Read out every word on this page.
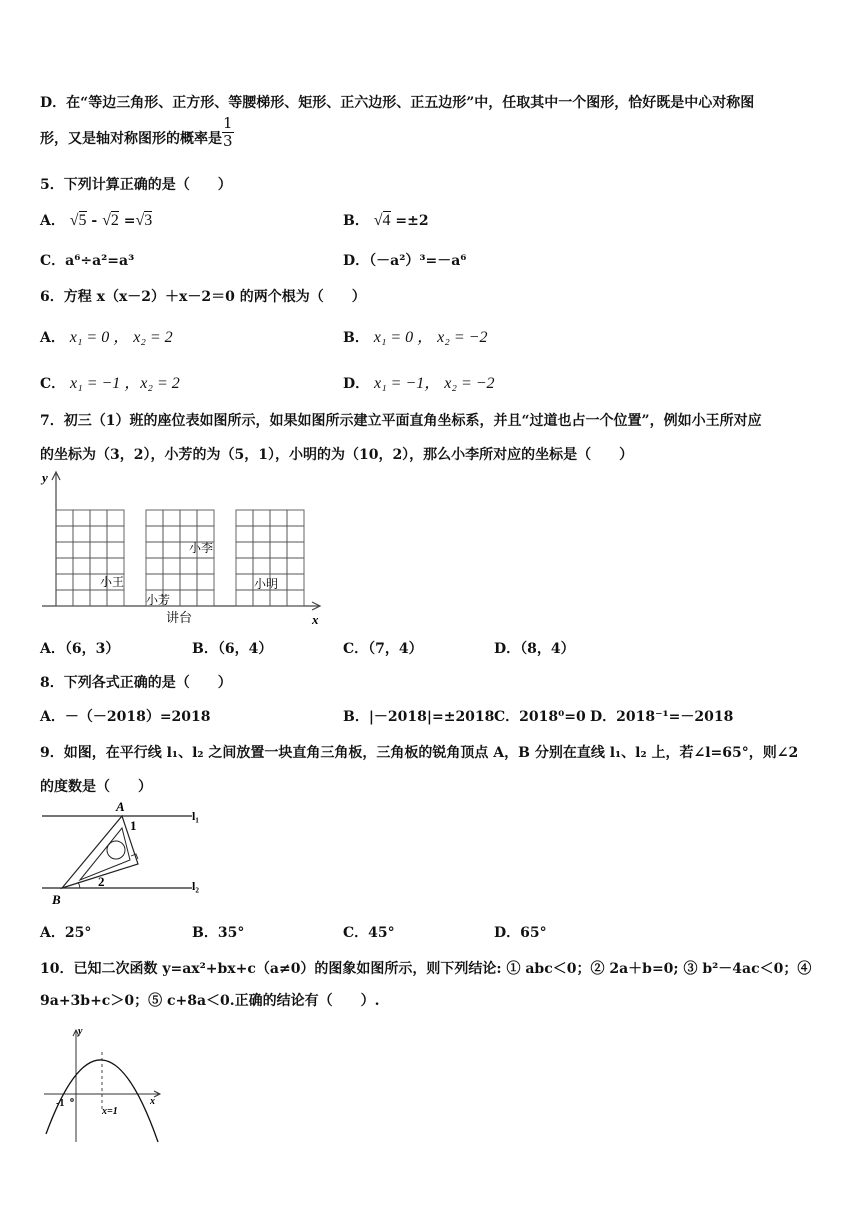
D．在“等边三角形、正方形、等腰梯形、矩形、正六边形、正五边形”中，任取其中一个图形，恰好既是中心对称图
形，又是轴对称图形的概率是 $\frac{1}{3}$
5．下列计算正确的是（　　）
A． √5 - √2 =√3	B． √4 =±2
C．a⁶÷a²=a³	D．（－a²）³=－a⁶
6．方程 x（x－2）＋x－2＝0 的两个根为（　　）
A． x₁ = 0 ， x₂ = 2	B． x₁ = 0 ， x₂ = −2
C． x₁ = −1 ，x₂ = 2	D． x₁ = −1， x₂ = −2
7．初三（1）班的座位表如图所示，如果如图所示建立平面直角坐标系，并且“过道也占一个位置”，例如小王所对应
的坐标为（3，2），小芳的为（5，1），小明的为（10，2），那么小李所对应的坐标是（　　）
y
x
小王
小芳
小李
小明
讲台
A．（6，3）	B．（6，4）	C．（7，4）	D．（8，4）
8．下列各式正确的是（　　）
A．－（－2018）=2018	B．|－2018|=±2018 C．2018⁰=0 D．2018⁻¹=－2018
9．如图，在平行线 l₁、l₂ 之间放置一块直角三角板，三角板的锐角顶点 A，B 分别在直线 l₁、l₂ 上，若∠l=65°，则∠2
的度数是（　　）
A
B
1
2
l₁
l₂
A．25°	B．35°	C．45°	D．65°
10．已知二次函数 y=ax²+bx+c（a≠0）的图象如图所示，则下列结论: ① abc＜0；② 2a＋b=0; ③ b²－4ac＜0；④
9a+3b+c＞0；⑤ c+8a＜0.正确的结论有（　　）.
y
x
-1 o
x=1
